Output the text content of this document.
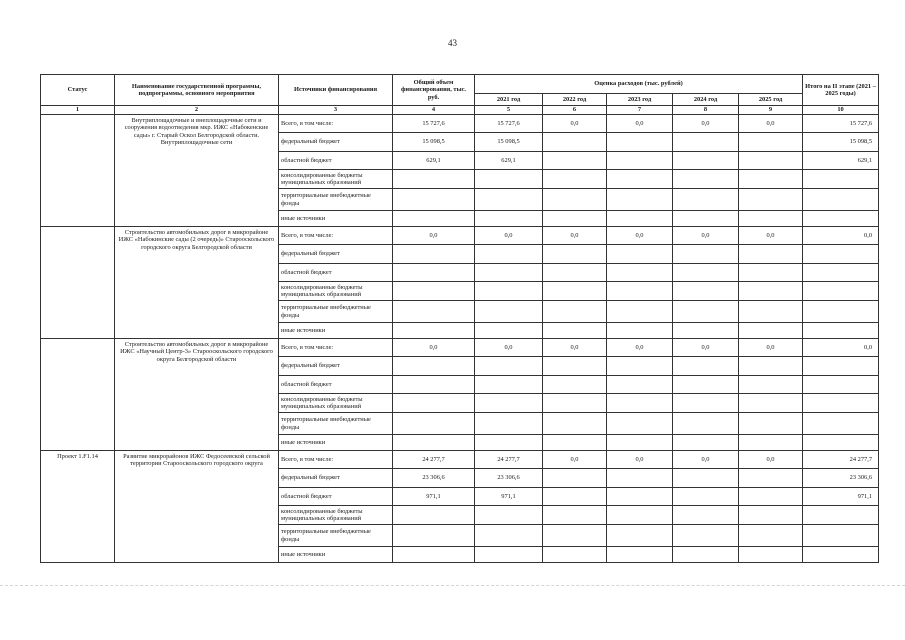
43
Статус	Наименование государственной программы, подпрограммы, основного мероприятия	Источники финансирования	Общий объем финансирования, тыс. руб.	Оценка расходов (тыс. рублей)					Итого на II этапе (2021 – 2025 годы)
				2021 год	2022 год	2023 год	2024 год	2025 год	
1	2	3	4	5	6	7	8	9	10
	Внутриплощадочные и внеплощадочные сети и сооружения водоотведения мкр. ИЖС «Набокенские сады» г. Старый Оскол Белгородской области. Внутриплощадочные сети	Всего, в том числе:	15 727,6	15 727,6	0,0	0,0	0,0	0,0	15 727,6
		федеральный бюджет	15 098,5	15 098,5					15 098,5
		областной бюджет	629,1	629,1					629,1
		консолидированные бюджеты муниципальных образований							
		территориальные внебюджетные фонды							
		иные источники							
	Строительство автомобильных дорог в микрорайоне ИЖС «Набокинские сады (2 очередь)» Старооскольского городского округа Белгородской области	Всего, в том числе:	0,0	0,0	0,0	0,0	0,0	0,0	0,0
		федеральный бюджет							
		областной бюджет							
		консолидированные бюджеты муниципальных образований							
		территориальные внебюджетные фонды							
		иные источники							
	Строительство автомобильных дорог в микрорайоне ИЖС «Научный Центр-3» Старооскольского городского округа Белгородской области	Всего, в том числе:	0,0	0,0	0,0	0,0	0,0	0,0	0,0
		федеральный бюджет							
		областной бюджет							
		консолидированные бюджеты муниципальных образований							
		территориальные внебюджетные фонды							
		иные источники							
Проект 1.F1.14	Развитие микрорайонов ИЖС Федосеевской сельской территории Старооскольского городского округа	Всего, в том числе:	24 277,7	24 277,7	0,0	0,0	0,0	0,0	24 277,7
		федеральный бюджет	23 306,6	23 306,6					23 306,6
		областной бюджет	971,1	971,1					971,1
		консолидированные бюджеты муниципальных образований							
		территориальные внебюджетные фонды							
		иные источники							
